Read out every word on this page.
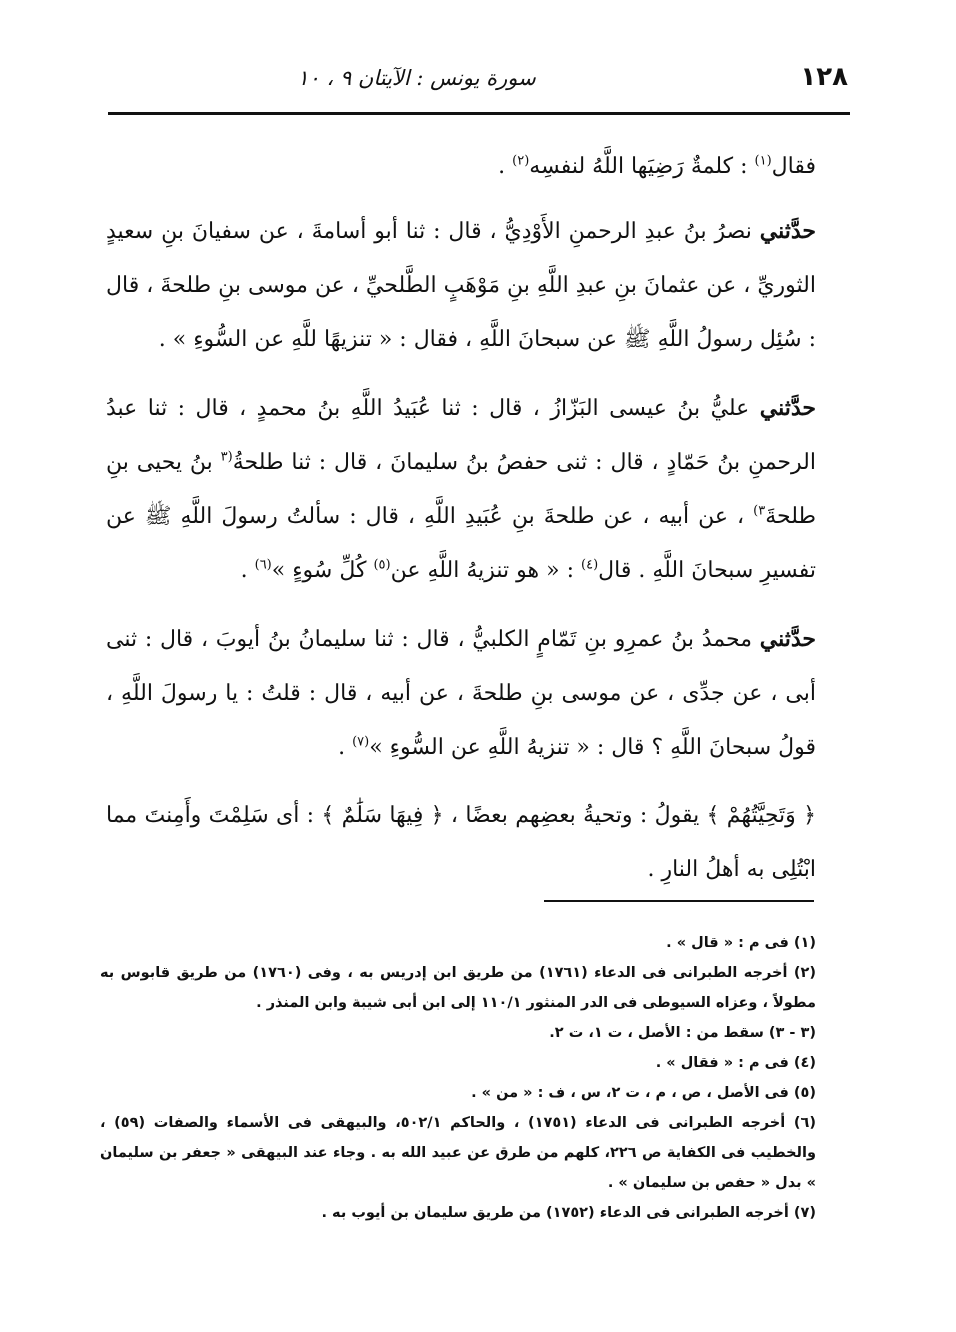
١٢٨
سورة يونس : الآيتان ٩ ، ١٠

فقال$^{(١)}$ : كلمةٌ رَضِيَها اللَّهُ لنفسِه$^{(٢)}$ .

حدَّثني نصرُ بنُ عبدِ الرحمنِ الأَوْدِيُّ ، قال : ثنا أبو أسامةَ ، عن سفيانَ بنِ سعيدٍ الثوريِّ ، عن عثمانَ بنِ عبدِ اللَّهِ بنِ مَوْهَبٍ الطَّلحيِّ ، عن موسى بنِ طلحةَ ، قال : سُئِل رسولُ اللَّهِ ﷺ عن سبحانَ اللَّهِ ، فقال : « تنزيهًا للَّهِ عن السُّوءِ » .

حدَّثني عليُّ بنُ عيسى البَزّازُ ، قال : ثنا عُبَيدُ اللَّهِ بنُ محمدٍ ، قال : ثنا عبدُ الرحمنِ بنُ حَمّادٍ ، قال : ثنى حفصُ بنُ سليمانَ ، قال : ثنا طلحةُ$^{(٣}$ بنُ يحيى بنِ طلحةَ$^{٣)}$ ، عن أبيه ، عن طلحةَ بنِ عُبَيدِ اللَّهِ ، قال : سألتُ رسولَ اللَّهِ ﷺ عن تفسيرِ سبحانَ اللَّهِ . قال$^{(٤)}$ : « هو تنزيهُ اللَّهِ عن$^{(٥)}$ كُلِّ سُوءٍ »$^{(٦)}$ .

حدَّثني محمدُ بنُ عمرِو بنِ تَمّامٍ الكلبيُّ ، قال : ثنا سليمانُ بنُ أيوبَ ، قال : ثنى أبى ، عن جدِّى ، عن موسى بنِ طلحةَ ، عن أبيه ، قال : قلتُ : يا رسولَ اللَّهِ ، قولُ سبحانَ اللَّهِ ؟ قال : « تنزيهُ اللَّهِ عن السُّوءِ »$^{(٧)}$ .

﴿ وَتَحِيَّتُهُمْ ﴾ يقولُ : وتحيةُ بعضِهم بعضًا ، ﴿ فِيهَا سَلَٰمٌ ﴾ : أى سَلِمْتَ وأَمِنتَ مما ابْتُلِى به أهلُ النارِ .

(١) فى م : « قال » .

(٢) أخرجه الطبرانى فى الدعاء (١٧٦١) من طريق ابن إدريس به ، وفى (١٧٦٠) من طريق قابوس به مطولاً ، وعزاه السيوطى فى الدر المنثور ١١٠/١ إلى ابن أبى شيبة وابن المنذر .

(٣ - ٣) سقط من : الأصل ، ت ١، ت ٢.

(٤) فى م : « فقال » .

(٥) فى الأصل ، ص ، م ، ت ٢، س ، ف : « من » .

(٦) أخرجه الطبرانى فى الدعاء (١٧٥١) ، والحاكم ٥٠٢/١، والبيهقى فى الأسماء والصفات (٥٩) ، والخطيب فى الكفاية ص ٢٢٦، كلهم من طرق عن عبيد الله به . وجاء عند البيهقى « جعفر بن سليمان » بدل « حفص بن سليمان » .

(٧) أخرجه الطبرانى فى الدعاء (١٧٥٢) من طريق سليمان بن أيوب به .
